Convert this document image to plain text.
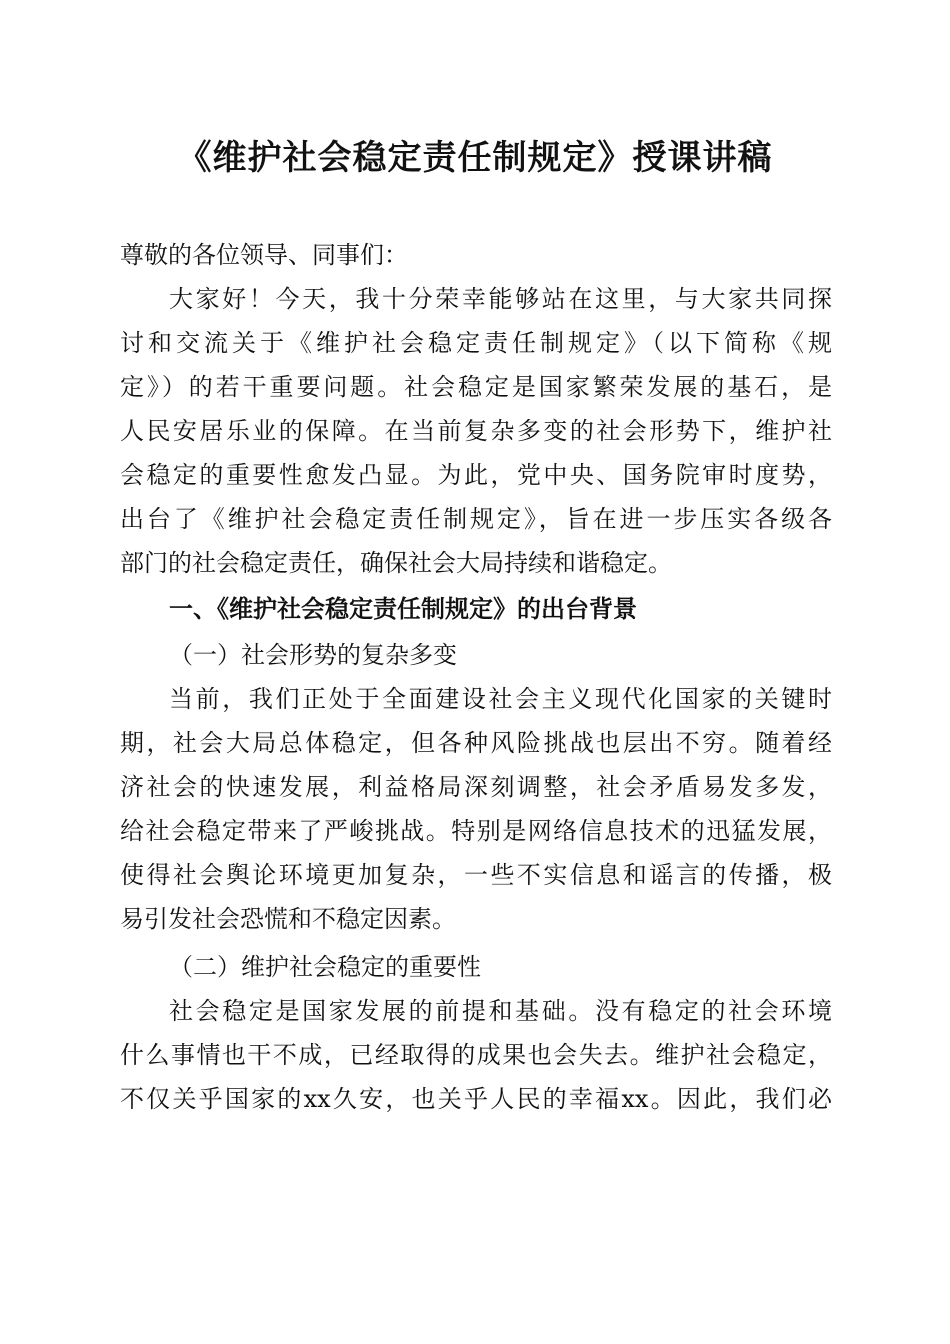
《维护社会稳定责任制规定》授课讲稿
尊敬的各位领导、同事们：
大家好！今天，我十分荣幸能够站在这里，与大家共同探
讨和交流关于《维护社会稳定责任制规定》（以下简称《规
定》）的若干重要问题。社会稳定是国家繁荣发展的基石，是
人民安居乐业的保障。在当前复杂多变的社会形势下，维护社
会稳定的重要性愈发凸显。为此，党中央、国务院审时度势，
出台了《维护社会稳定责任制规定》，旨在进一步压实各级各
部门的社会稳定责任，确保社会大局持续和谐稳定。
一、《维护社会稳定责任制规定》的出台背景
（一）社会形势的复杂多变
当前，我们正处于全面建设社会主义现代化国家的关键时
期，社会大局总体稳定，但各种风险挑战也层出不穷。随着经
济社会的快速发展，利益格局深刻调整，社会矛盾易发多发，
给社会稳定带来了严峻挑战。特别是网络信息技术的迅猛发展，
使得社会舆论环境更加复杂，一些不实信息和谣言的传播，极
易引发社会恐慌和不稳定因素。
（二）维护社会稳定的重要性
社会稳定是国家发展的前提和基础。没有稳定的社会环境
什么事情也干不成，已经取得的成果也会失去。维护社会稳定，
不仅关乎国家的xx久安，也关乎人民的幸福xx。因此，我们必
